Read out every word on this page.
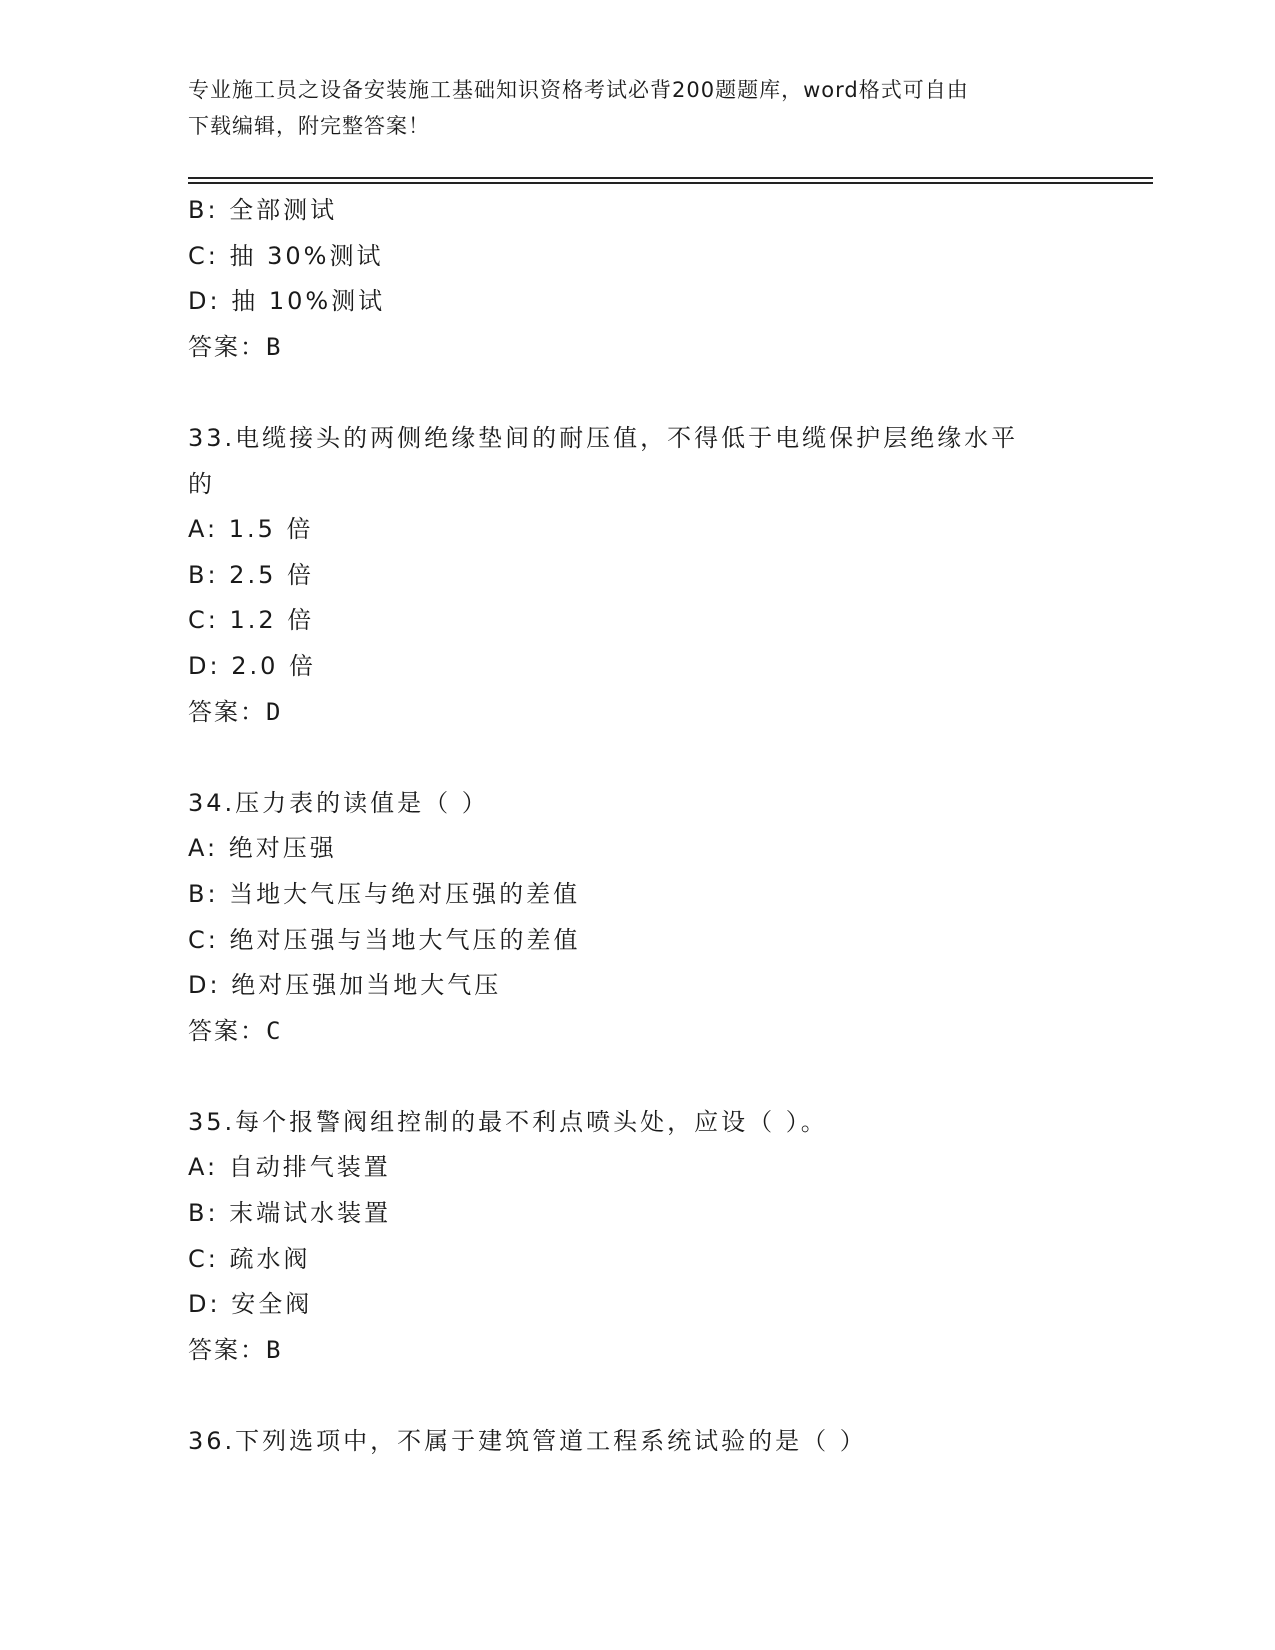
专业施工员之设备安装施工基础知识资格考试必背200题题库，word格式可自由
下载编辑，附完整答案！
B: 全部测试
C: 抽 30%测试
D: 抽 10%测试
答案：B
33.电缆接头的两侧绝缘垫间的耐压值，不得低于电缆保护层绝缘水平
的
A: 1.5 倍
B: 2.5 倍
C: 1.2 倍
D: 2.0 倍
答案：D
34.压力表的读值是（ ）
A: 绝对压强
B: 当地大气压与绝对压强的差值
C: 绝对压强与当地大气压的差值
D: 绝对压强加当地大气压
答案：C
35.每个报警阀组控制的最不利点喷头处，应设（ ）。
A: 自动排气装置
B: 末端试水装置
C: 疏水阀
D: 安全阀
答案：B
36.下列选项中，不属于建筑管道工程系统试验的是（ ）
